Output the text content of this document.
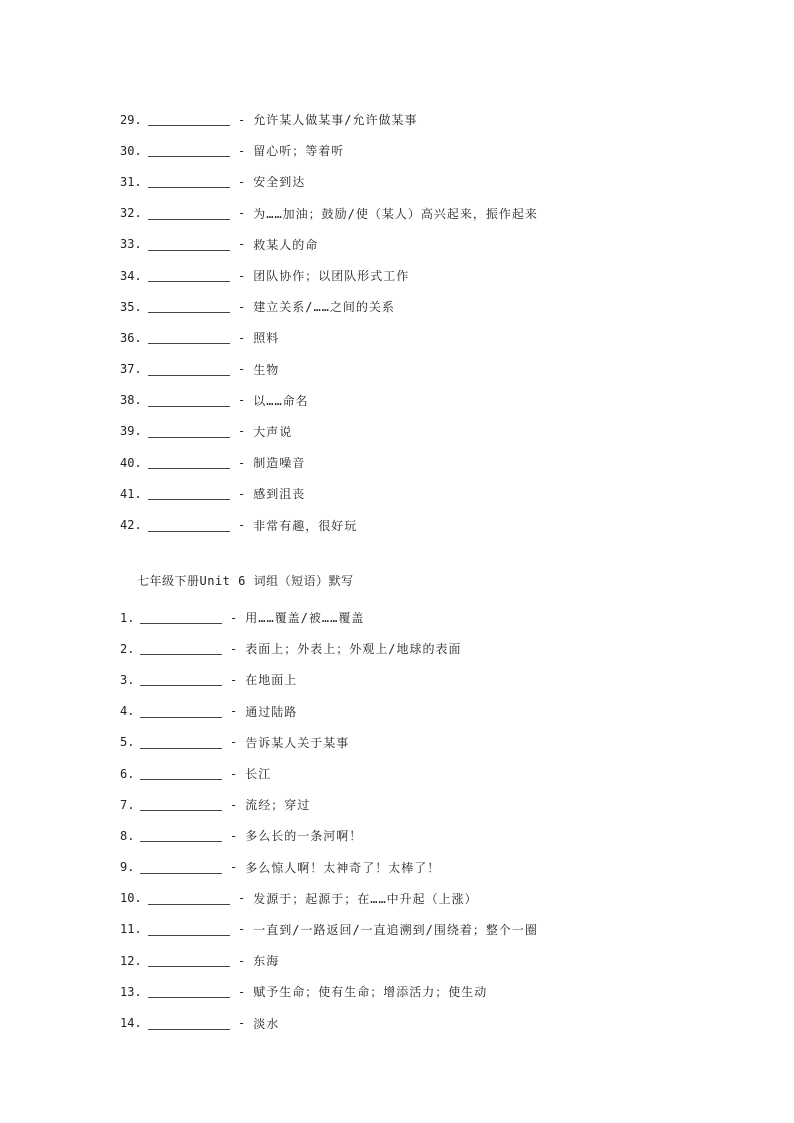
29.	- 允许某人做某事/允许做某事
30.	- 留心听；等着听
31.	- 安全到达
32.	- 为……加油；鼓励/使（某人）高兴起来，振作起来
33.	- 救某人的命
34.	- 团队协作；以团队形式工作
35.	- 建立关系/……之间的关系
36.	- 照料
37.	- 生物
38.	- 以……命名
39.	- 大声说
40.	- 制造噪音
41.	- 感到沮丧
42.	- 非常有趣，很好玩
七年级下册Unit 6 词组（短语）默写
1.	- 用……覆盖/被……覆盖
2.	- 表面上；外表上；外观上/地球的表面
3.	- 在地面上
4.	- 通过陆路
5.	- 告诉某人关于某事
6.	- 长江
7.	- 流经；穿过
8.	- 多么长的一条河啊！
9.	- 多么惊人啊！太神奇了！太棒了！
10.	- 发源于；起源于；在……中升起（上涨）
11.	- 一直到/一路返回/一直追溯到/围绕着；整个一圈
12.	- 东海
13.	- 赋予生命；使有生命；增添活力；使生动
14.	- 淡水
